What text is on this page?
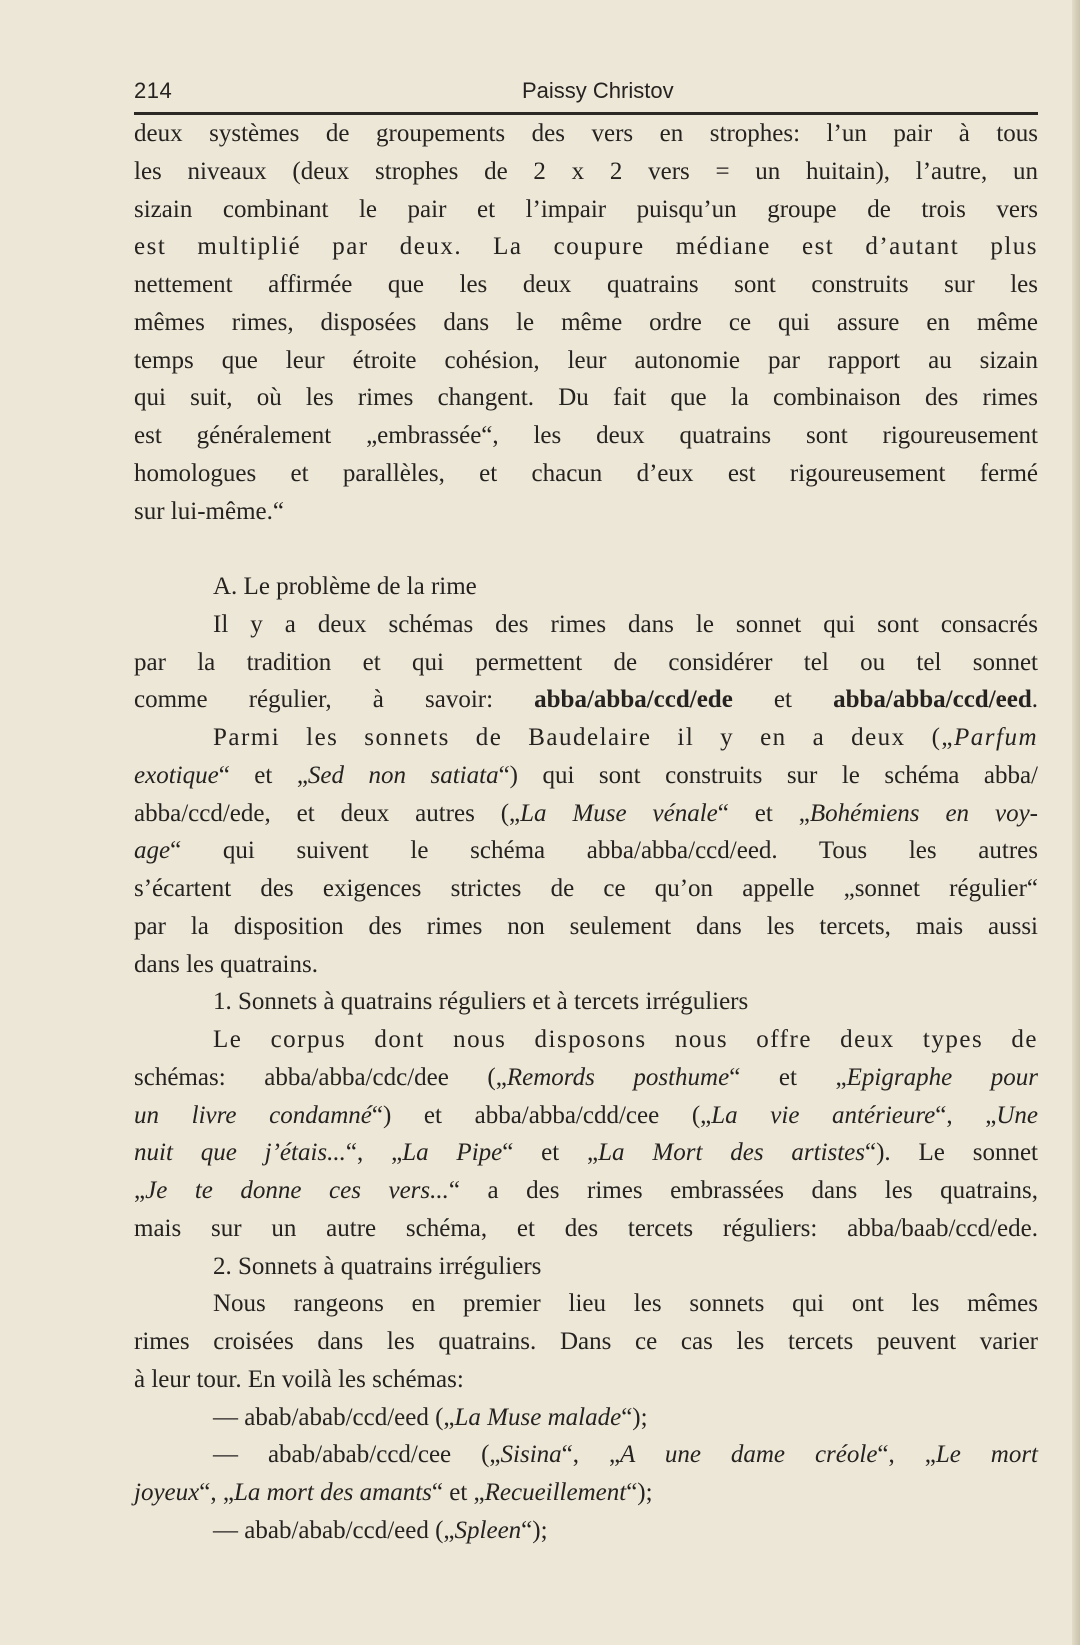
214	Paissy Christov
deux systèmes de groupements des vers en strophes: l’un pair à tous
les niveaux (deux strophes de 2 x 2 vers = un huitain), l’autre, un
sizain combinant le pair et l’impair puisqu’un groupe de trois vers
est multiplié par deux. La coupure médiane est d’autant plus
nettement affirmée que les deux quatrains sont construits sur les
mêmes rimes, disposées dans le même ordre ce qui assure en même
temps que leur étroite cohésion, leur autonomie par rapport au sizain
qui suit, où les rimes changent. Du fait que la combinaison des rimes
est généralement „embrassée“, les deux quatrains sont rigoureusement
homologues et parallèles, et chacun d’eux est rigoureusement fermé
sur lui-même.“
A. Le problème de la rime
Il y a deux schémas des rimes dans le sonnet qui sont consacrés
par la tradition et qui permettent de considérer tel ou tel sonnet
comme régulier, à savoir: abba/abba/ccd/ede et abba/abba/ccd/eed.
Parmi les sonnets de Baudelaire il y en a deux („Parfum
exotique“ et „Sed non satiata“) qui sont construits sur le schéma abba/
abba/ccd/ede, et deux autres („La Muse vénale“ et „Bohémiens en voy-
age“ qui suivent le schéma abba/abba/ccd/eed. Tous les autres
s’écartent des exigences strictes de ce qu’on appelle „sonnet régulier“
par la disposition des rimes non seulement dans les tercets, mais aussi
dans les quatrains.
1. Sonnets à quatrains réguliers et à tercets irréguliers
Le corpus dont nous disposons nous offre deux types de
schémas: abba/abba/cdc/dee („Remords posthume“ et „Epigraphe pour
un livre condamné“) et abba/abba/cdd/cee („La vie antérieure“, „Une
nuit que j’étais...“, „La Pipe“ et „La Mort des artistes“). Le sonnet
„Je te donne ces vers...“ a des rimes embrassées dans les quatrains,
mais sur un autre schéma, et des tercets réguliers: abba/baab/ccd/ede.
2. Sonnets à quatrains irréguliers
Nous rangeons en premier lieu les sonnets qui ont les mêmes
rimes croisées dans les quatrains. Dans ce cas les tercets peuvent varier
à leur tour. En voilà les schémas:
— abab/abab/ccd/eed („La Muse malade“);
— abab/abab/ccd/cee („Sisina“, „A une dame créole“, „Le mort
joyeux“, „La mort des amants“ et „Recueillement“);
— abab/abab/ccd/eed („Spleen“);
